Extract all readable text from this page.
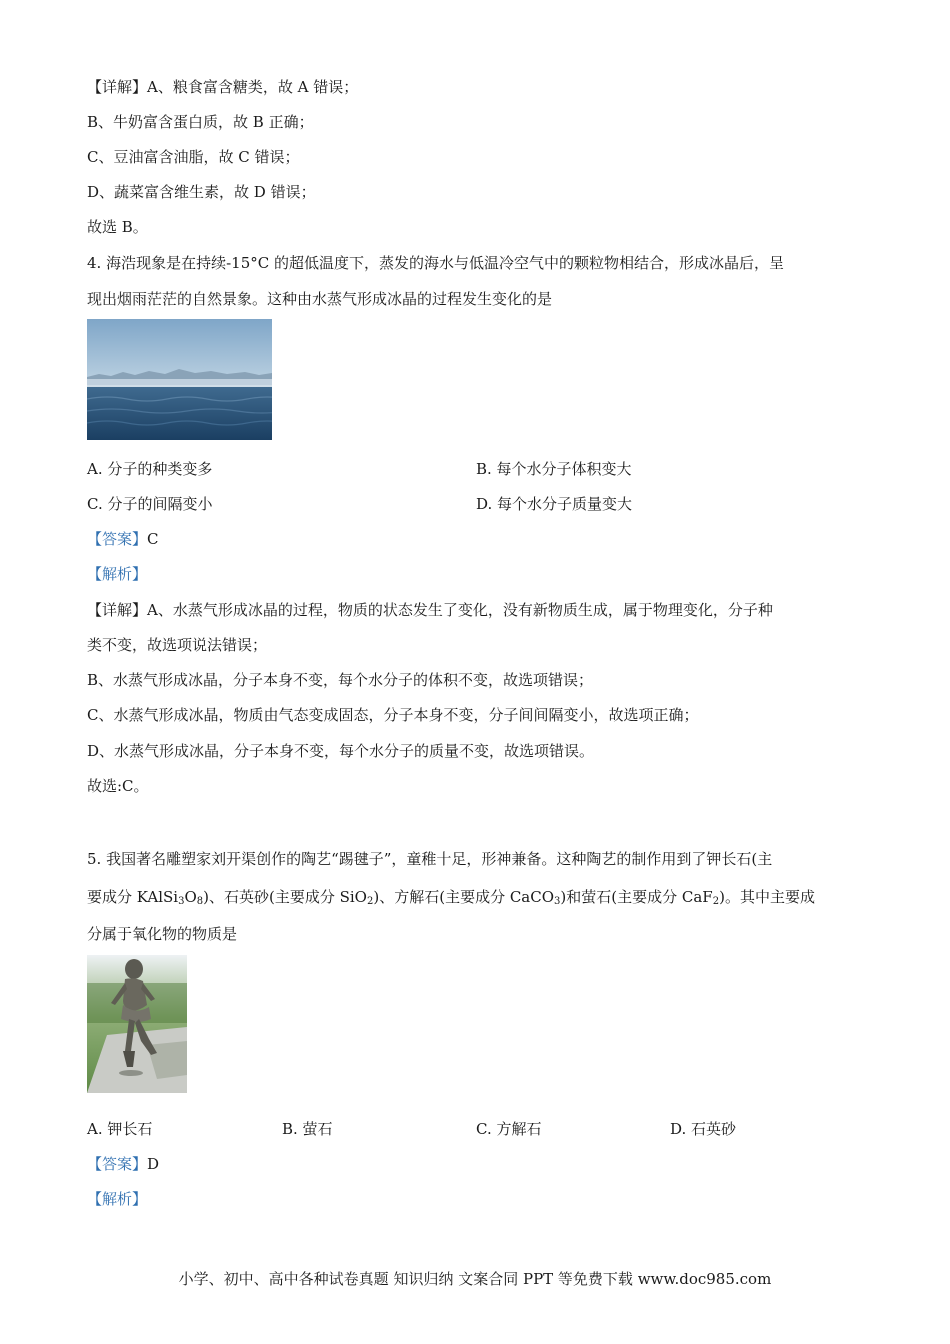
【详解】A、粮食富含糖类，故 A 错误；
B、牛奶富含蛋白质，故 B 正确；
C、豆油富含油脂，故 C 错误；
D、蔬菜富含维生素，故 D 错误；
故选 B。
4. 海浩现象是在持续-15°C 的超低温度下，蒸发的海水与低温冷空气中的颗粒物相结合，形成冰晶后，呈
现出烟雨茫茫的自然景象。这种由水蒸气形成冰晶的过程发生变化的是
A. 分子的种类变多	B. 每个水分子体积变大
C. 分子的间隔变小	D. 每个水分子质量变大
【答案】C
【解析】
【详解】A、水蒸气形成冰晶的过程，物质的状态发生了变化，没有新物质生成，属于物理变化，分子种
类不变，故选项说法错误；
B、水蒸气形成冰晶，分子本身不变，每个水分子的体积不变，故选项错误；
C、水蒸气形成冰晶，物质由气态变成固态，分子本身不变，分子间间隔变小，故选项正确；
D、水蒸气形成冰晶，分子本身不变，每个水分子的质量不变，故选项错误。
故选:C。
5. 我国著名雕塑家刘开渠创作的陶艺“踢毽子”，童稚十足，形神兼备。这种陶艺的制作用到了钾长石(主
要成分 $KAlSi_3O_8$)、石英砂(主要成分 SiO$_2$)、方解石(主要成分 CaCO$_3$)和萤石(主要成分 CaF$_2$)。其中主要成
分属于氧化物的物质是
A. 钾长石	B. 萤石	C. 方解石	D. 石英砂
【答案】D
【解析】
小学、初中、高中各种试卷真题 知识归纳 文案合同 PPT 等免费下载 www.doc985.com
